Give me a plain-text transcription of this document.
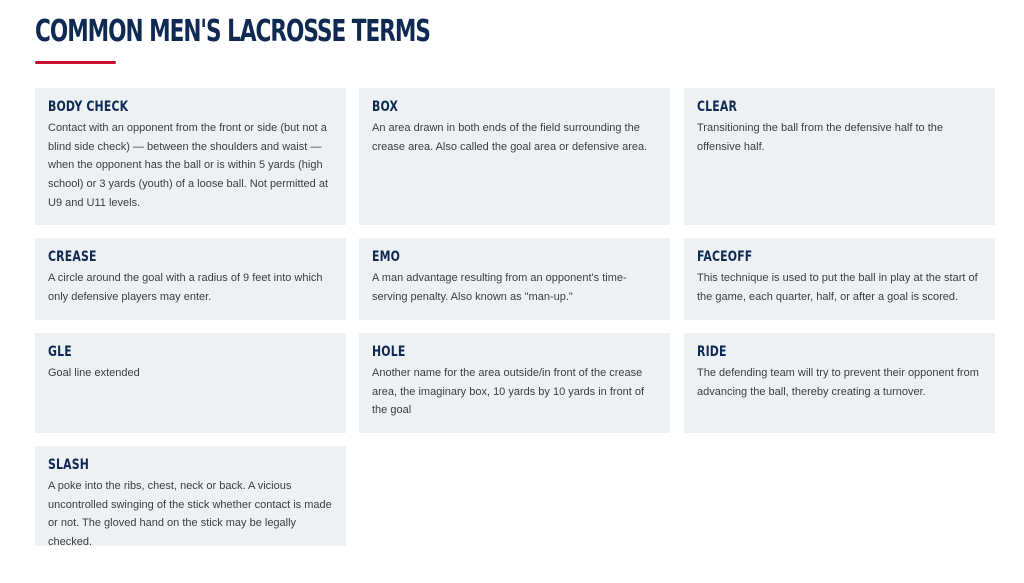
COMMON MEN'S LACROSSE TERMS
BODY CHECK
Contact with an opponent from the front or side (but not a blind side check) — between the shoulders and waist — when the opponent has the ball or is within 5 yards (high school) or 3 yards (youth) of a loose ball. Not permitted at U9 and U11 levels.
BOX
An area drawn in both ends of the field surrounding the crease area. Also called the goal area or defensive area.
CLEAR
Transitioning the ball from the defensive half to the offensive half.
CREASE
A circle around the goal with a radius of 9 feet into which only defensive players may enter.
EMO
A man advantage resulting from an opponent's time-serving penalty. Also known as "man-up."
FACEOFF
This technique is used to put the ball in play at the start of the game, each quarter, half, or after a goal is scored.
GLE
Goal line extended
HOLE
Another name for the area outside/in front of the crease area, the imaginary box, 10 yards by 10 yards in front of the goal
RIDE
The defending team will try to prevent their opponent from advancing the ball, thereby creating a turnover.
SLASH
A poke into the ribs, chest, neck or back. A vicious uncontrolled swinging of the stick whether contact is made or not. The gloved hand on the stick may be legally checked.
